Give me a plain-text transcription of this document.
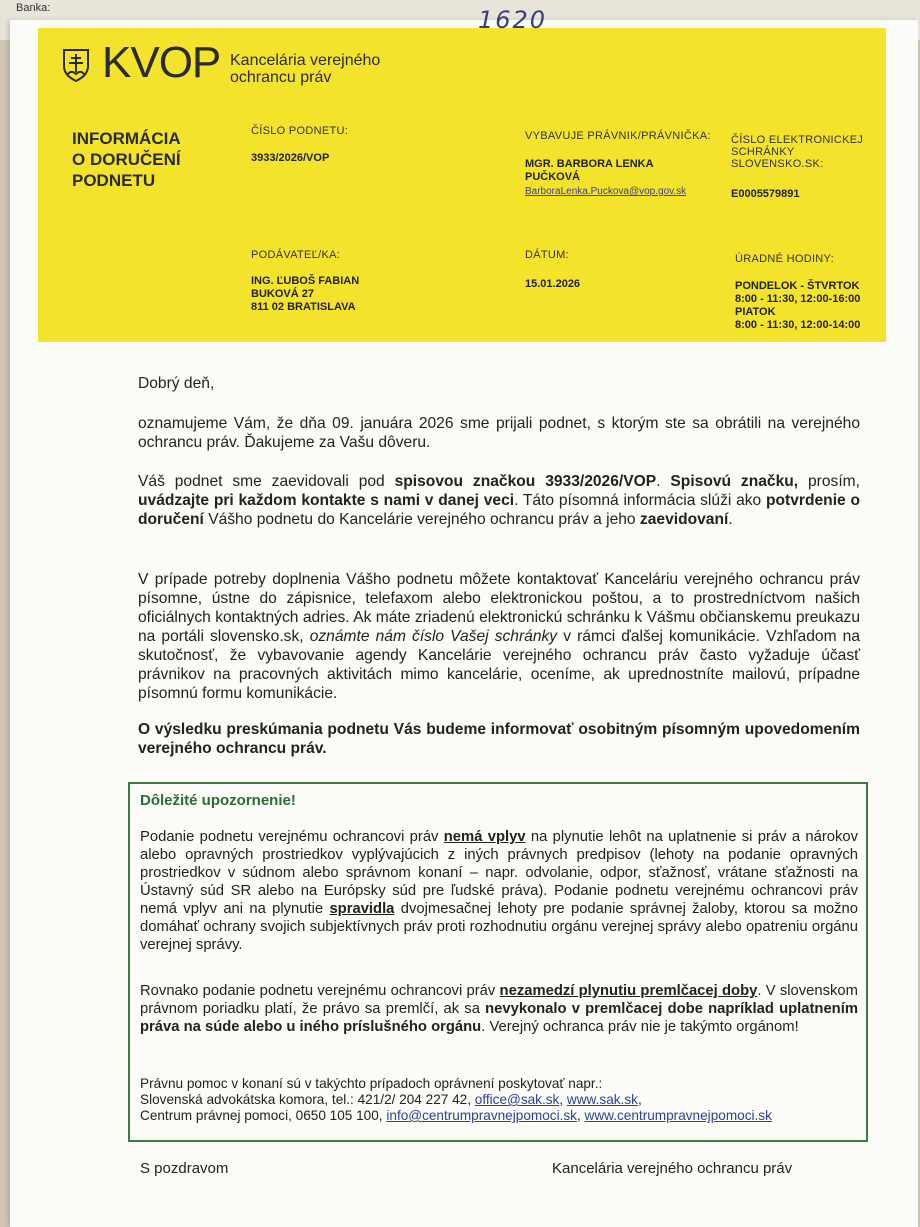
Banka:
KVOP Kancelária verejného
ochrancu práv
INFORMÁCIA
O DORUČENÍ
PODNETU
ČÍSLO PODNETU:
3933/2026/VOP
VYBAVUJE PRÁVNIK/PRÁVNIČKA:
MGR. BARBORA LENKA
PUČKOVÁ
BarboraLenka.Puckova@vop.gov.sk
ČÍSLO ELEKTRONICKEJ
SCHRÁNKY
SLOVENSKO.SK:
E0005579891
PODÁVATEĽ/KA:
ING. ĽUBOŠ FABIAN
BUKOVÁ 27
811 02 BRATISLAVA
DÁTUM:
15.01.2026
ÚRADNÉ HODINY:
PONDELOK - ŠTVRTOK
8:00 - 11:30, 12:00-16:00
PIATOK
8:00 - 11:30, 12:00-14:00
1620
Dobrý deň,
oznamujeme Vám, že dňa 09. januára 2026 sme prijali podnet, s ktorým ste sa obrátili na verejného ochrancu práv. Ďakujeme za Vašu dôveru.
Váš podnet sme zaevidovali pod spisovou značkou 3933/2026/VOP. Spisovú značku, prosím, uvádzajte pri každom kontakte s nami v danej veci. Táto písomná informácia slúži ako potvrdenie o doručení Vášho podnetu do Kancelárie verejného ochrancu práv a jeho zaevidovaní.
V prípade potreby doplnenia Vášho podnetu môžete kontaktovať Kanceláriu verejného ochrancu práv písomne, ústne do zápisnice, telefaxom alebo elektronickou poštou, a to prostredníctvom našich oficiálnych kontaktných adries. Ak máte zriadenú elektronickú schránku k Vášmu občianskemu preukazu na portáli slovensko.sk, oznámte nám číslo Vašej schránky v rámci ďalšej komunikácie. Vzhľadom na skutočnosť, že vybavovanie agendy Kancelárie verejného ochrancu práv často vyžaduje účasť právnikov na pracovných aktivitách mimo kancelárie, oceníme, ak uprednostníte mailovú, prípadne písomnú formu komunikácie.
O výsledku preskúmania podnetu Vás budeme informovať osobitným písomným upovedomením verejného ochrancu práv.
Dôležité upozornenie!
Podanie podnetu verejnému ochrancovi práv nemá vplyv na plynutie lehôt na uplatnenie si práv a nárokov alebo opravných prostriedkov vyplývajúcich z iných právnych predpisov (lehoty na podanie opravných prostriedkov v súdnom alebo správnom konaní – napr. odvolanie, odpor, sťažnosť, vrátane sťažnosti na Ústavný súd SR alebo na Európsky súd pre ľudské práva). Podanie podnetu verejnému ochrancovi práv nemá vplyv ani na plynutie spravidla dvojmesačnej lehoty pre podanie správnej žaloby, ktorou sa možno domáhať ochrany svojich subjektívnych práv proti rozhodnutiu orgánu verejnej správy alebo opatreniu orgánu verejnej správy.
Rovnako podanie podnetu verejnému ochrancovi práv nezamedzí plynutiu premlčacej doby. V slovenskom právnom poriadku platí, že právo sa premlčí, ak sa nevykonalo v premlčacej dobe napríklad uplatnením práva na súde alebo u iného príslušného orgánu. Verejný ochranca práv nie je takýmto orgánom!
Právnu pomoc v konaní sú v takýchto prípadoch oprávnení poskytovať napr.:
Slovenská advokátska komora, tel.: 421/2/ 204 227 42, office@sak.sk, www.sak.sk,
Centrum právnej pomoci, 0650 105 100, info@centrumpravnejpomoci.sk, www.centrumpravnejpomoci.sk
S pozdravom	Kancelária verejného ochrancu práv
